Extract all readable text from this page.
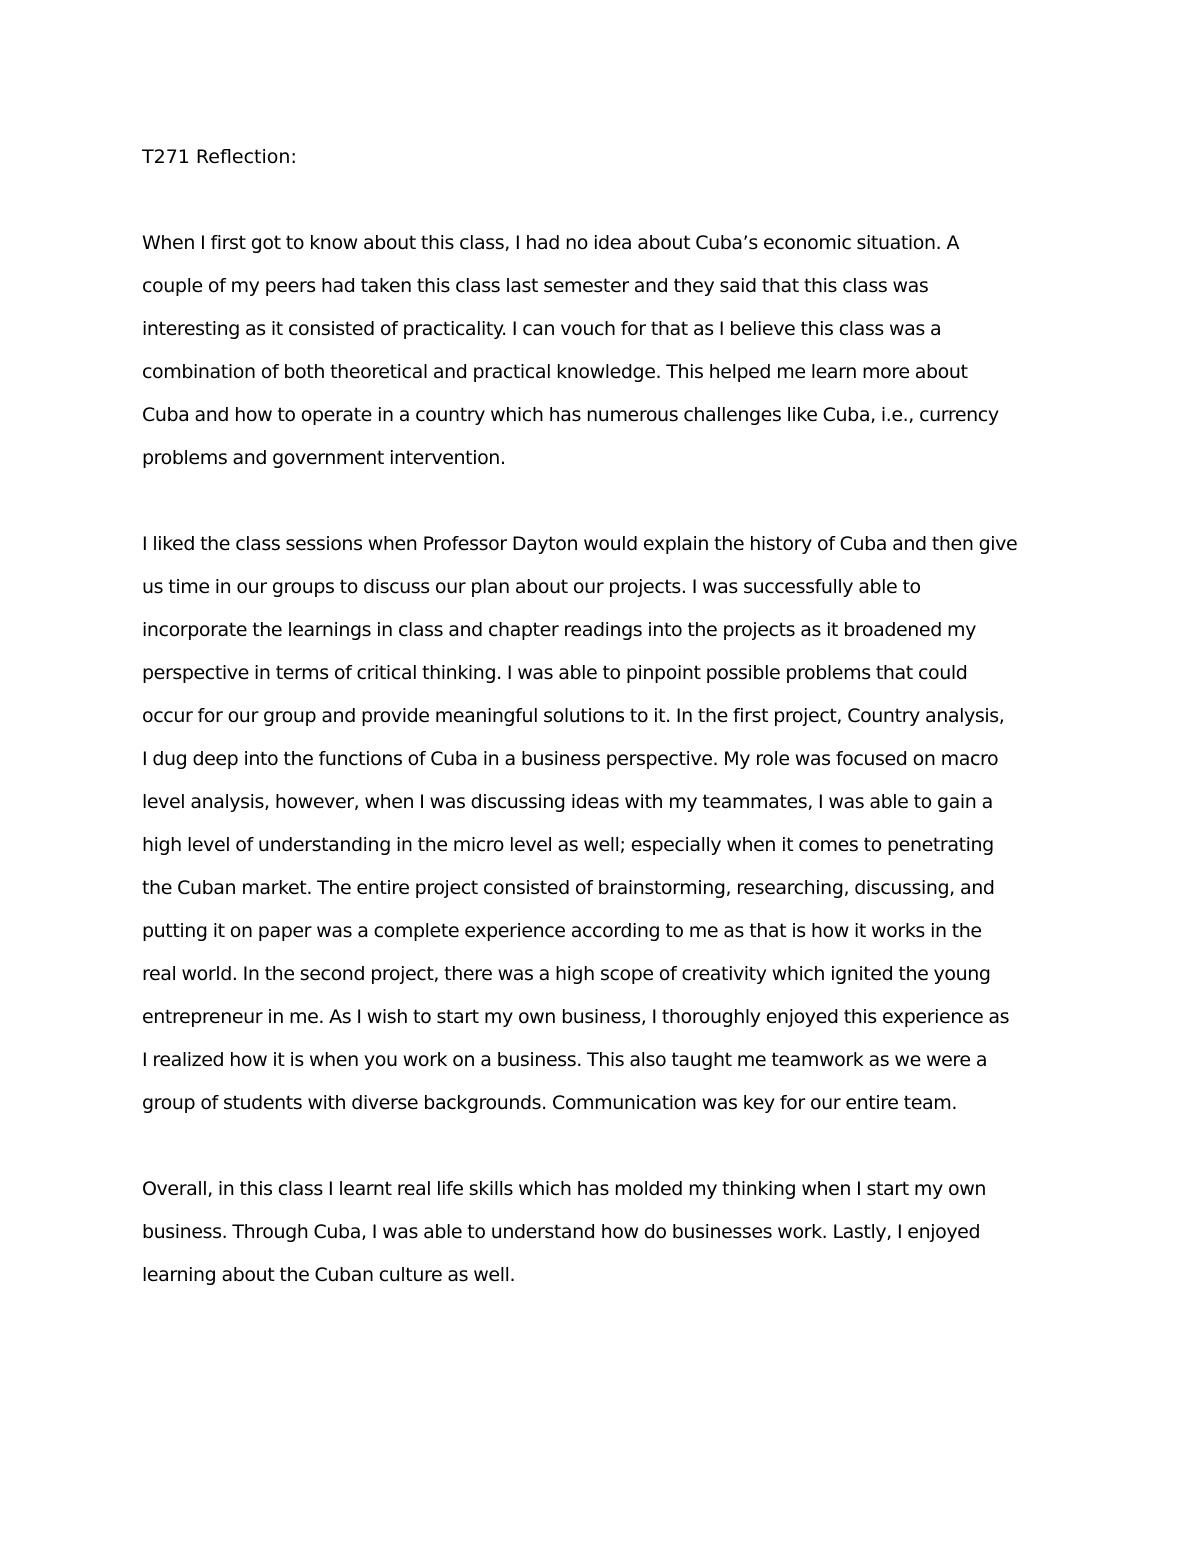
T271 Reflection:

When I first got to know about this class, I had no idea about Cuba’s economic situation. A
couple of my peers had taken this class last semester and they said that this class was
interesting as it consisted of practicality. I can vouch for that as I believe this class was a
combination of both theoretical and practical knowledge. This helped me learn more about
Cuba and how to operate in a country which has numerous challenges like Cuba, i.e., currency
problems and government intervention.
I liked the class sessions when Professor Dayton would explain the history of Cuba and then give
us time in our groups to discuss our plan about our projects. I was successfully able to
incorporate the learnings in class and chapter readings into the projects as it broadened my
perspective in terms of critical thinking. I was able to pinpoint possible problems that could
occur for our group and provide meaningful solutions to it. In the first project, Country analysis,
I dug deep into the functions of Cuba in a business perspective. My role was focused on macro
level analysis, however, when I was discussing ideas with my teammates, I was able to gain a
high level of understanding in the micro level as well; especially when it comes to penetrating
the Cuban market. The entire project consisted of brainstorming, researching, discussing, and
putting it on paper was a complete experience according to me as that is how it works in the
real world. In the second project, there was a high scope of creativity which ignited the young
entrepreneur in me. As I wish to start my own business, I thoroughly enjoyed this experience as
I realized how it is when you work on a business. This also taught me teamwork as we were a
group of students with diverse backgrounds. Communication was key for our entire team.
Overall, in this class I learnt real life skills which has molded my thinking when I start my own
business. Through Cuba, I was able to understand how do businesses work. Lastly, I enjoyed
learning about the Cuban culture as well.
